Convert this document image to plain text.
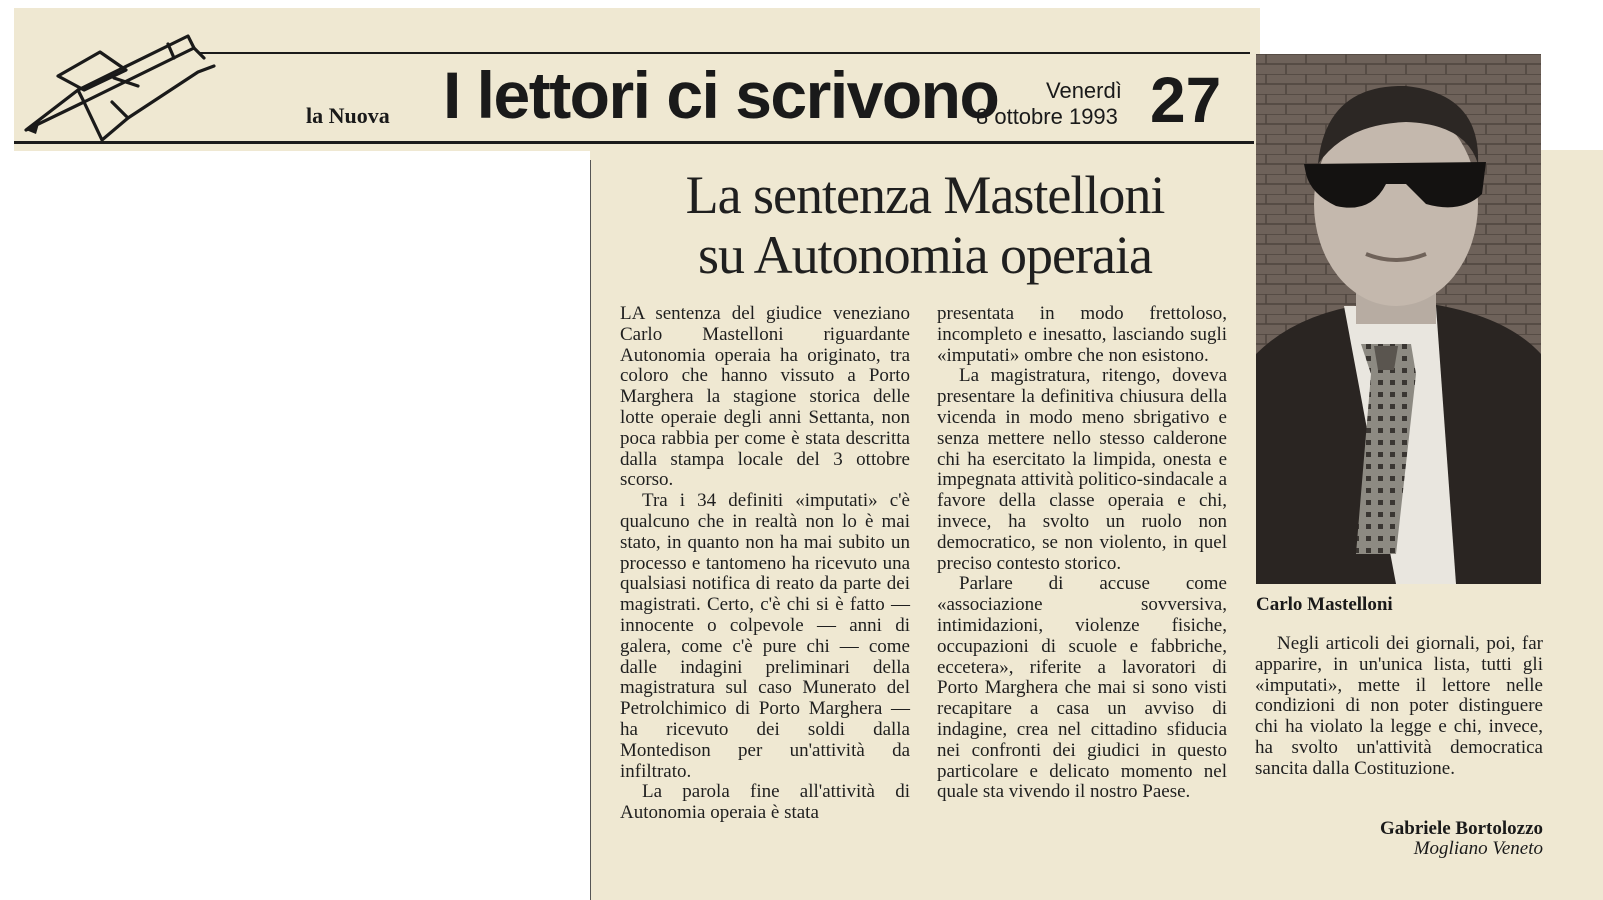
la Nuova I lettori ci scrivono Venerdì
8 ottobre 1993 27
La sentenza Mastelloni
su Autonomia operaia

LA sentenza del giudice veneziano Carlo Mastelloni riguardante Autonomia operaia ha originato, tra coloro che hanno vissuto a Porto Marghera la stagione storica delle lotte operaie degli anni Settanta, non poca rabbia per come è stata descritta dalla stampa locale del 3 ottobre scorso.

Tra i 34 definiti «imputati» c'è qualcuno che in realtà non lo è mai stato, in quanto non ha mai subito un processo e tantomeno ha ricevuto una qualsiasi notifica di reato da parte dei magistrati. Certo, c'è chi si è fatto — innocente o colpevole — anni di galera, come c'è pure chi — come dalle indagini preliminari della magistratura sul caso Munerato del Petrolchimico di Porto Marghera — ha ricevuto dei soldi dalla Montedison per un'attività da infiltrato.

La parola fine all'attività di Autonomia operaia è stata

presentata in modo frettoloso, incompleto e inesatto, lasciando sugli «imputati» ombre che non esistono.

La magistratura, ritengo, doveva presentare la definitiva chiusura della vicenda in modo meno sbrigativo e senza mettere nello stesso calderone chi ha esercitato la limpida, onesta e impegnata attività politico-sindacale a favore della classe operaia e chi, invece, ha svolto un ruolo non democratico, se non violento, in quel preciso contesto storico.

Parlare di accuse come «associazione sovversiva, intimidazioni, violenze fisiche, occupazioni di scuole e fabbriche, eccetera», riferite a lavoratori di Porto Marghera che mai si sono visti recapitare a casa un avviso di indagine, crea nel cittadino sfiducia nei confronti dei giudici in questo particolare e delicato momento nel quale sta vivendo il nostro Paese.

Carlo Mastelloni

Negli articoli dei giornali, poi, far apparire, in un'unica lista, tutti gli «imputati», mette il lettore nelle condizioni di non poter distinguere chi ha violato la legge e chi, invece, ha svolto un'attività democratica sancita dalla Costituzione.

Gabriele Bortolozzo
Mogliano Veneto
